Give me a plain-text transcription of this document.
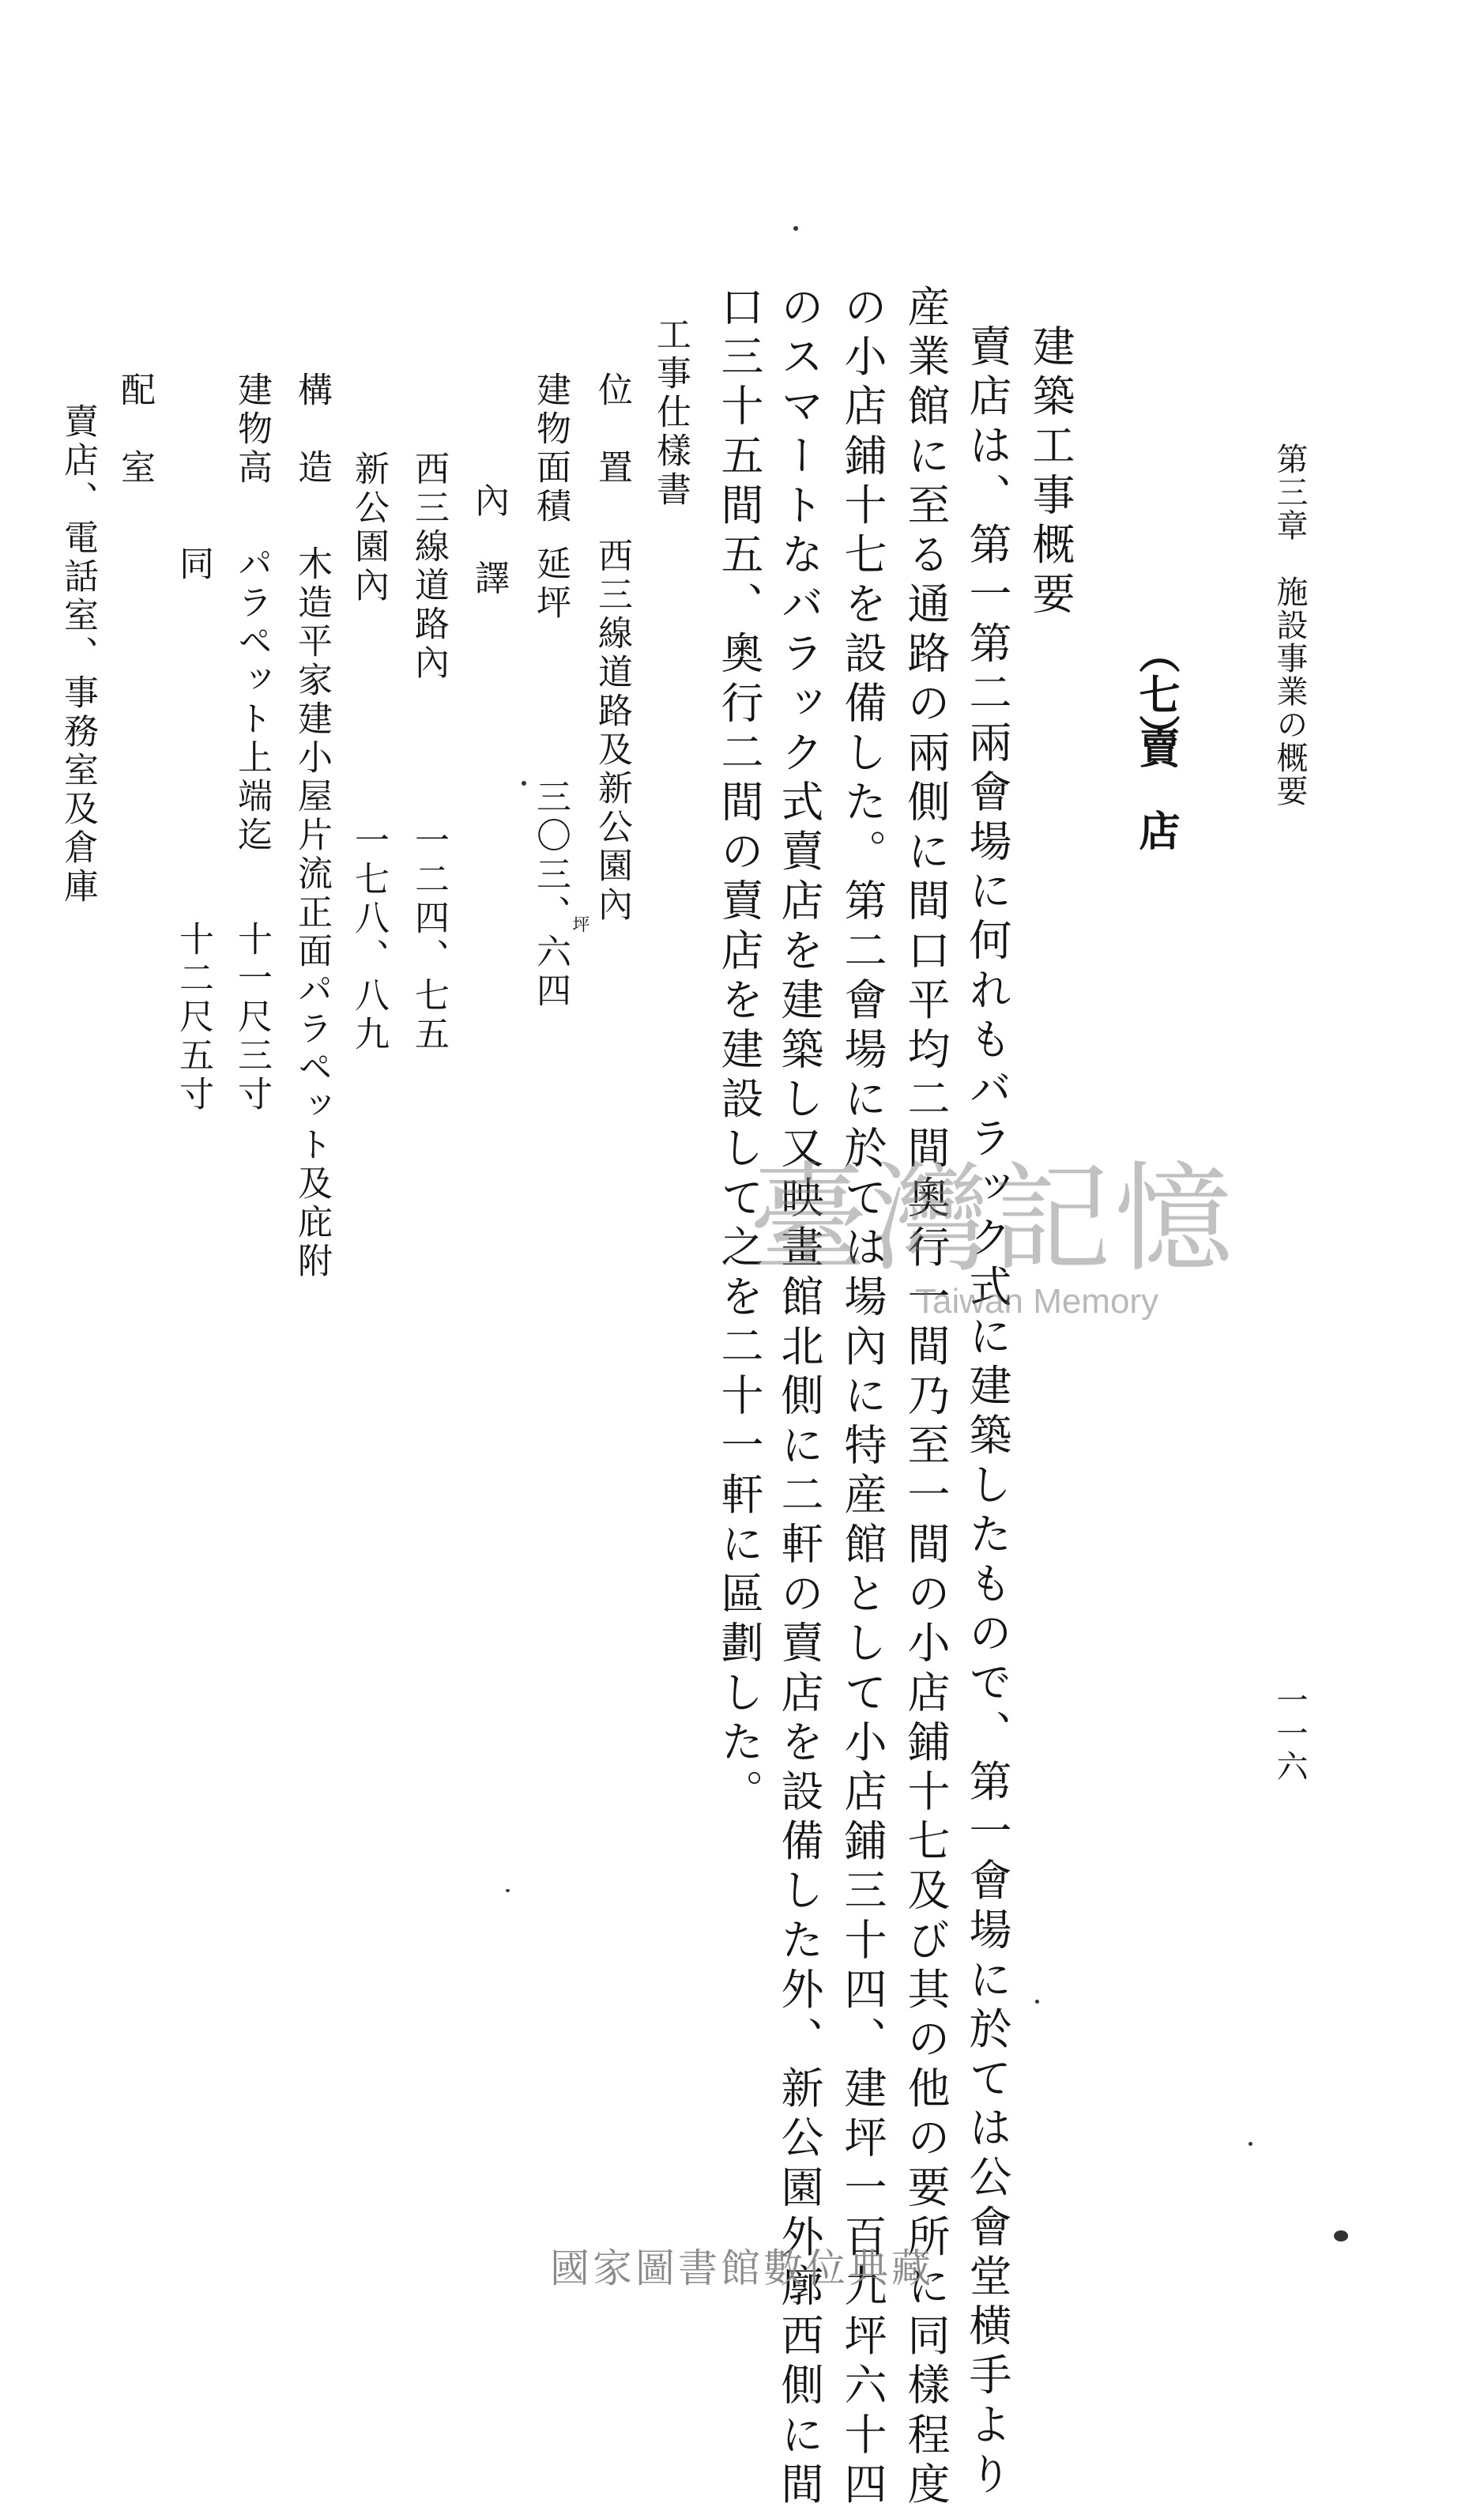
第三章　施設事業の概要
一一六
（七）
賣　店
建築工事概要
賣店は、第一第二兩會場に何れもバラック式に建築したもので、第一會場に於ては公會堂横手より
産業館に至る通路の兩側に間口平均二間奧行一間乃至一間の小店鋪十七及び其の他の要所に同樣程度
の小店鋪十七を設備した。第二會場に於ては場內に特産館として小店鋪三十四、建坪一百九坪六十四
のスマートなバラック式賣店を建築し又映畫館北側に二軒の賣店を設備した外、新公園外廓西側に間
口三十五間五、奧行二間の賣店を建設して之を二十一軒に區劃した。
工事仕樣書
位　置
西三線道路及新公園內
建物面積
延坪
三〇三、六四 坪
內　譯
西三線道路內
一二四、七五
新公園內
一七八、八九
構　造
木造平家建小屋片流正面パラペット及庇附
建物高
パラペット上端迄
十一尺三寸
同
十二尺五寸
配　室
賣店、電話室、事務室及倉庫
臺灣記憶
Taiwan Memory
國家圖書館數位典藏
